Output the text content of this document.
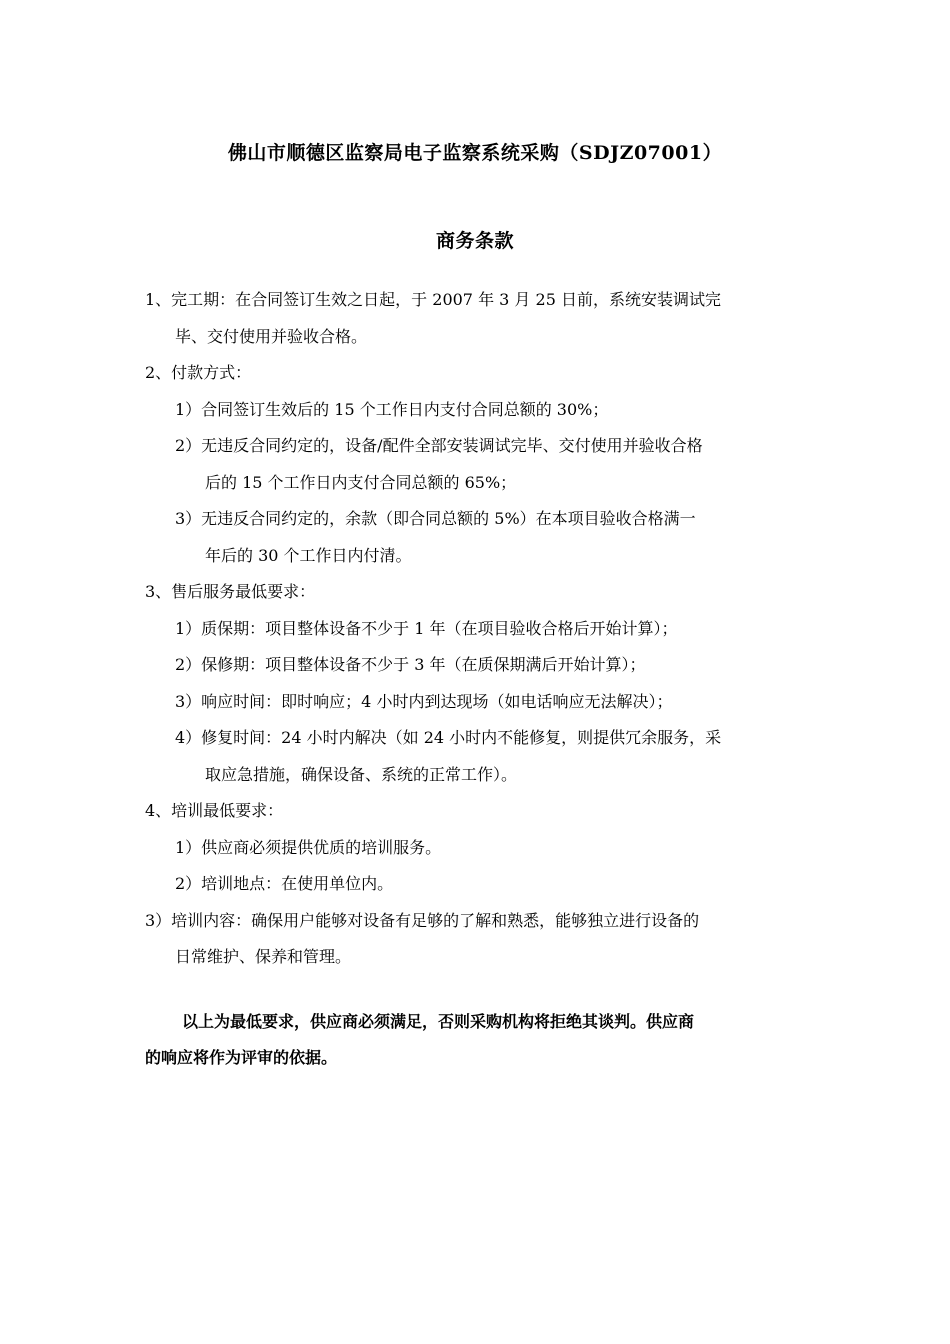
佛山市顺德区监察局电子监察系统采购（SDJZ07001）
商务条款
1、完工期：在合同签订生效之日起，于 2007 年 3 月 25 日前，系统安装调试完
毕、交付使用并验收合格。
2、付款方式：
1）合同签订生效后的 15 个工作日内支付合同总额的 30%；
2）无违反合同约定的，设备/配件全部安装调试完毕、交付使用并验收合格
后的 15 个工作日内支付合同总额的 65%；
3）无违反合同约定的，余款（即合同总额的 5%）在本项目验收合格满一
年后的 30 个工作日内付清。
3、售后服务最低要求：
1）质保期：项目整体设备不少于 1 年（在项目验收合格后开始计算）；
2）保修期：项目整体设备不少于 3 年（在质保期满后开始计算）；
3）响应时间：即时响应；4 小时内到达现场（如电话响应无法解决）；
4）修复时间：24 小时内解决（如 24 小时内不能修复，则提供冗余服务，采
取应急措施，确保设备、系统的正常工作）。
4、培训最低要求：
1）供应商必须提供优质的培训服务。
2）培训地点：在使用单位内。
3）培训内容：确保用户能够对设备有足够的了解和熟悉，能够独立进行设备的
日常维护、保养和管理。
以上为最低要求，供应商必须满足，否则采购机构将拒绝其谈判。供应商
的响应将作为评审的依据。
